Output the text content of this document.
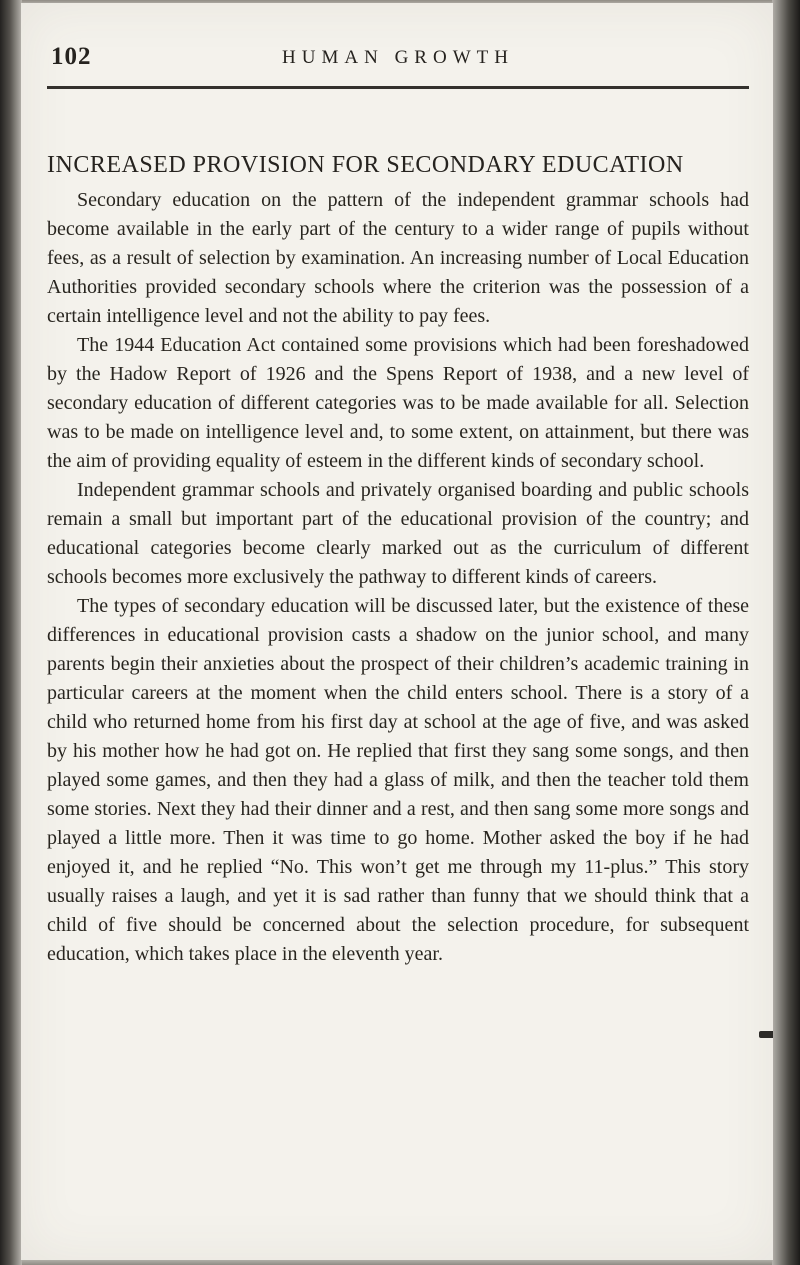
102	HUMAN GROWTH
INCREASED PROVISION FOR SECONDARY EDUCATION

Secondary education on the pattern of the independent grammar schools had become available in the early part of the century to a wider range of pupils without fees, as a result of selection by examination. An increasing number of Local Education Authorities provided secondary schools where the criterion was the possession of a certain intelligence level and not the ability to pay fees.

The 1944 Education Act contained some provisions which had been foreshadowed by the Hadow Report of 1926 and the Spens Report of 1938, and a new level of secondary education of different categories was to be made available for all. Selection was to be made on intelligence level and, to some extent, on attainment, but there was the aim of providing equality of esteem in the different kinds of secondary school.

Independent grammar schools and privately organised boarding and public schools remain a small but important part of the educational provision of the country; and educational categories become clearly marked out as the curriculum of different schools becomes more exclusively the pathway to different kinds of careers.

The types of secondary education will be discussed later, but the existence of these differences in educational provision casts a shadow on the junior school, and many parents begin their anxieties about the prospect of their children’s academic training in particular careers at the moment when the child enters school. There is a story of a child who returned home from his first day at school at the age of five, and was asked by his mother how he had got on. He replied that first they sang some songs, and then played some games, and then they had a glass of milk, and then the teacher told them some stories. Next they had their dinner and a rest, and then sang some more songs and played a little more. Then it was time to go home. Mother asked the boy if he had enjoyed it, and he replied “No. This won’t get me through my 11-plus.” This story usually raises a laugh, and yet it is sad rather than funny that we should think that a child of five should be concerned about the selection procedure, for subsequent education, which takes place in the eleventh year.
